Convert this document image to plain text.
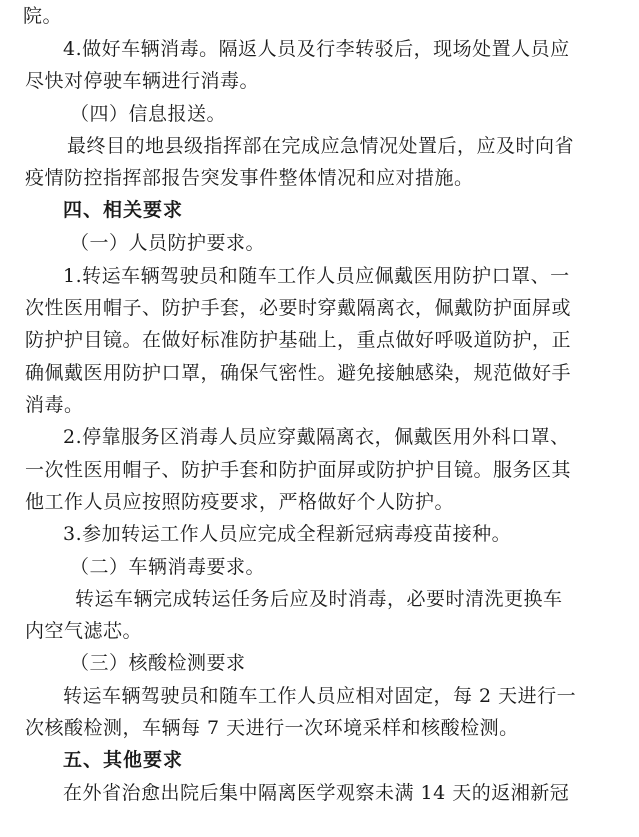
院。
4.做好车辆消毒。隔返人员及行李转驳后，现场处置人员应
尽快对停驶车辆进行消毒。
（四）信息报送。
最终目的地县级指挥部在完成应急情况处置后，应及时向省
疫情防控指挥部报告突发事件整体情况和应对措施。
四、相关要求
（一）人员防护要求。
1.转运车辆驾驶员和随车工作人员应佩戴医用防护口罩、一
次性医用帽子、防护手套，必要时穿戴隔离衣，佩戴防护面屏或
防护护目镜。在做好标准防护基础上，重点做好呼吸道防护，正
确佩戴医用防护口罩，确保气密性。避免接触感染，规范做好手
消毒。
2.停靠服务区消毒人员应穿戴隔离衣，佩戴医用外科口罩、
一次性医用帽子、防护手套和防护面屏或防护护目镜。服务区其
他工作人员应按照防疫要求，严格做好个人防护。
3.参加转运工作人员应完成全程新冠病毒疫苗接种。
（二）车辆消毒要求。
转运车辆完成转运任务后应及时消毒，必要时清洗更换车
内空气滤芯。
（三）核酸检测要求
转运车辆驾驶员和随车工作人员应相对固定，每 2 天进行一
次核酸检测，车辆每 7 天进行一次环境采样和核酸检测。
五、其他要求
在外省治愈出院后集中隔离医学观察未满 14 天的返湘新冠
